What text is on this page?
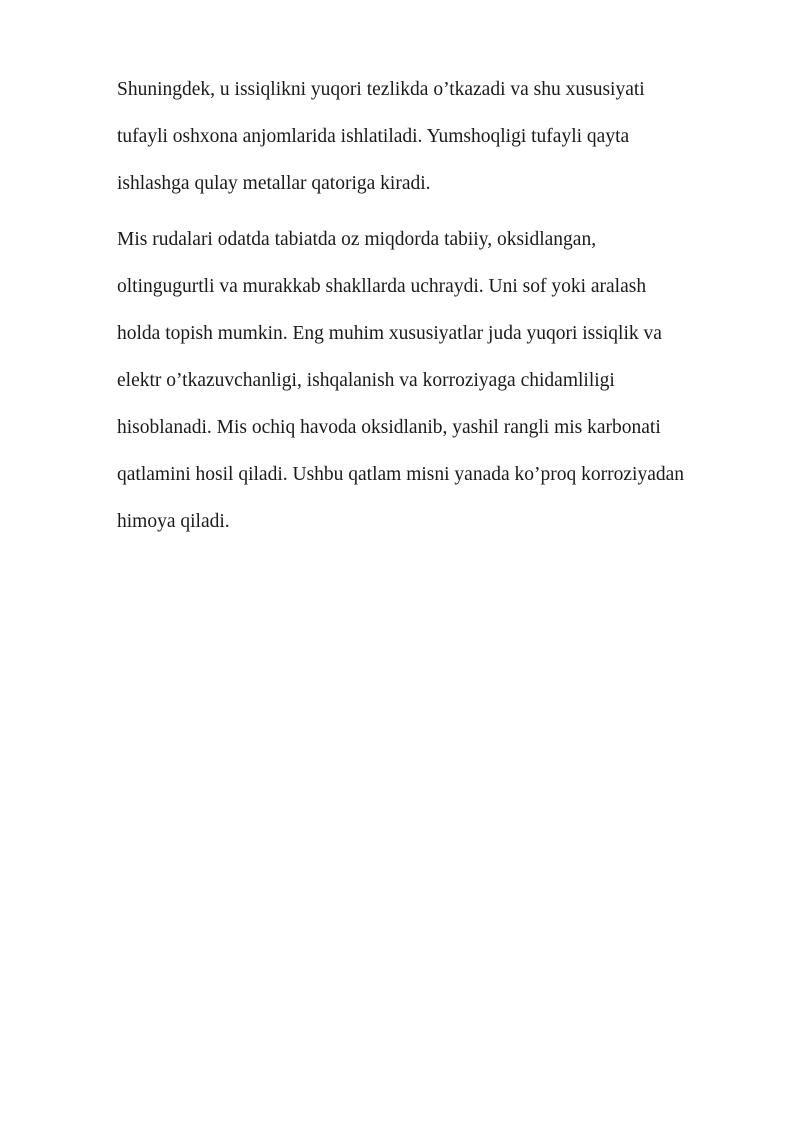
Shuningdek, u issiqlikni yuqori tezlikda o’tkazadi va shu xususiyati
tufayli oshxona anjomlarida ishlatiladi. Yumshoqligi tufayli qayta
ishlashga qulay metallar qatoriga kiradi.
Mis rudalari odatda tabiatda oz miqdorda tabiiy, oksidlangan,
oltingugurtli va murakkab shakllarda uchraydi. Uni sof yoki aralash
holda topish mumkin. Eng muhim xususiyatlar juda yuqori issiqlik va
elektr o’tkazuvchanligi, ishqalanish va korroziyaga chidamliligi
hisoblanadi. Mis ochiq havoda oksidlanib, yashil rangli mis karbonati
qatlamini hosil qiladi. Ushbu qatlam misni yanada ko’proq korroziyadan
himoya qiladi.
